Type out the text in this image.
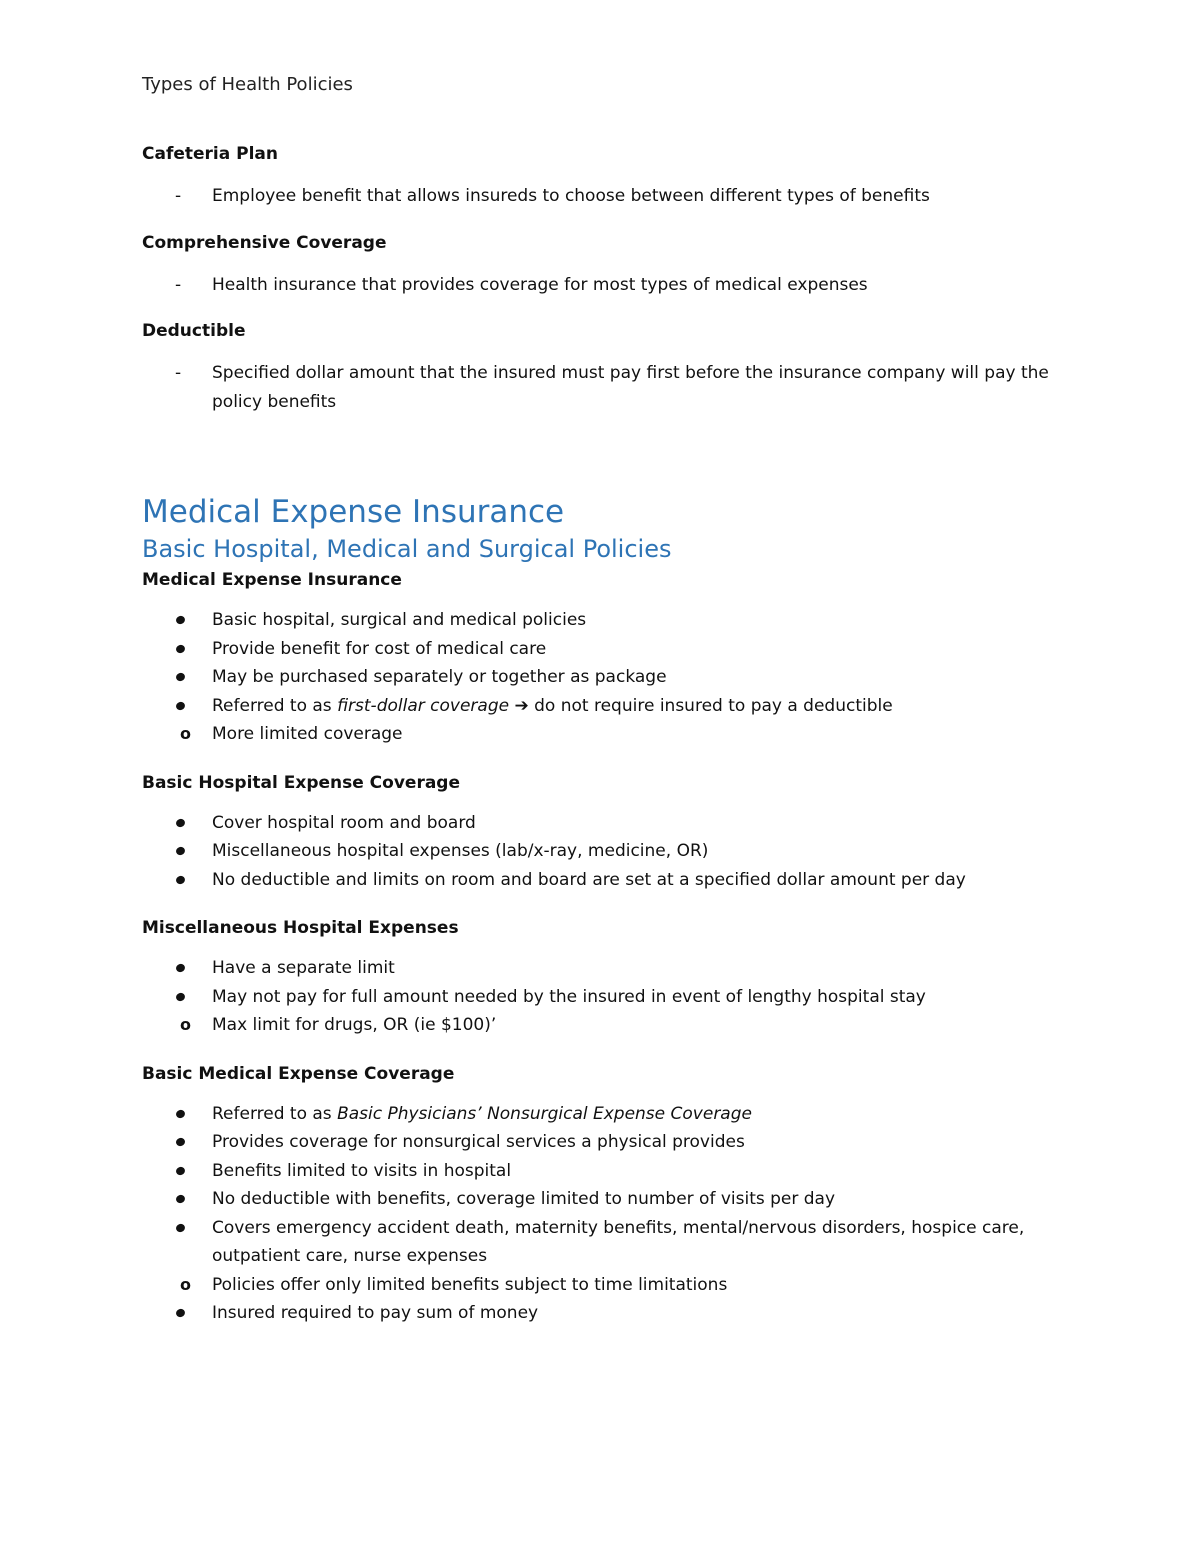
Types of Health Policies
Cafeteria Plan
- Employee benefit that allows insureds to choose between different types of benefits
Comprehensive Coverage
- Health insurance that provides coverage for most types of medical expenses
Deductible
- Specified dollar amount that the insured must pay first before the insurance company will pay the policy benefits
Medical Expense Insurance
Basic Hospital, Medical and Surgical Policies
Medical Expense Insurance
Basic hospital, surgical and medical policies
Provide benefit for cost of medical care
May be purchased separately or together as package
Referred to as first-dollar coverage ➔ do not require insured to pay a deductible
o More limited coverage
Basic Hospital Expense Coverage
Cover hospital room and board
Miscellaneous hospital expenses (lab/x-ray, medicine, OR)
No deductible and limits on room and board are set at a specified dollar amount per day
Miscellaneous Hospital Expenses
Have a separate limit
May not pay for full amount needed by the insured in event of lengthy hospital stay
o Max limit for drugs, OR (ie $100)’
Basic Medical Expense Coverage
Referred to as Basic Physicians’ Nonsurgical Expense Coverage
Provides coverage for nonsurgical services a physical provides
Benefits limited to visits in hospital
No deductible with benefits, coverage limited to number of visits per day
Covers emergency accident death, maternity benefits, mental/nervous disorders, hospice care, outpatient care, nurse expenses
o Policies offer only limited benefits subject to time limitations
Insured required to pay sum of money
